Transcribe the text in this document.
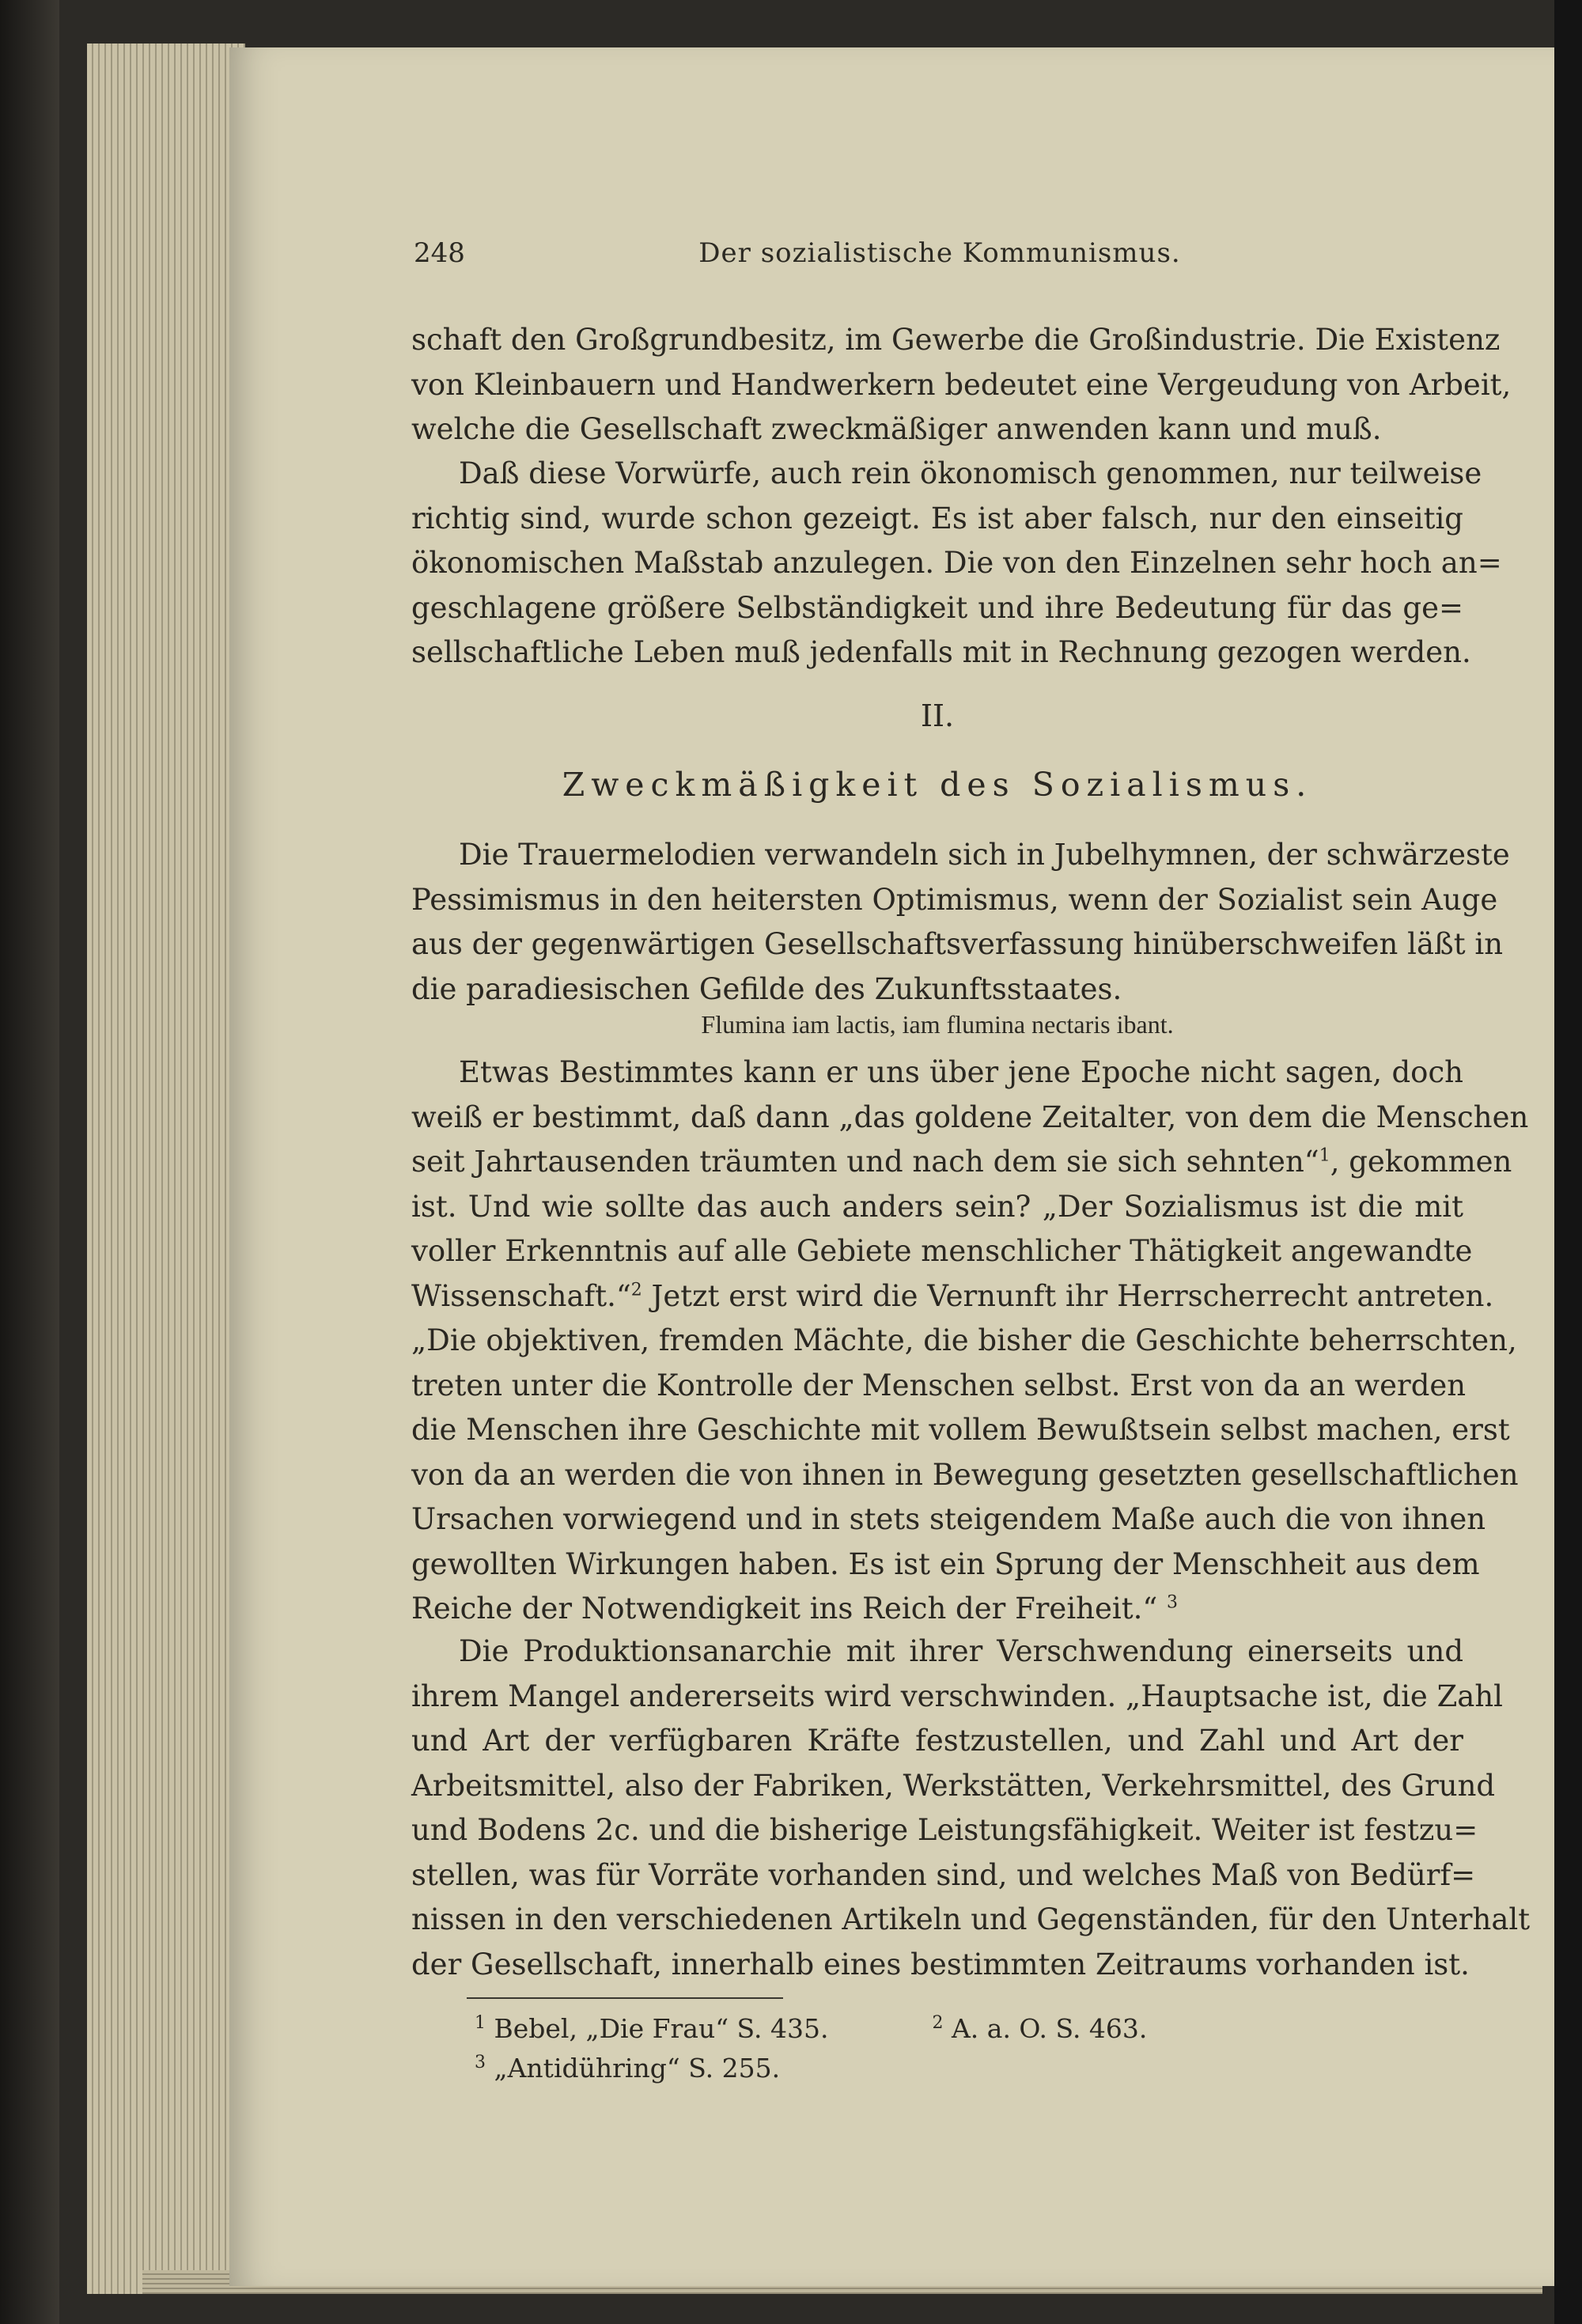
248	Der sozialistische Kommunismus.
schaft den Großgrundbesitz, im Gewerbe die Großindustrie. Die Existenz
von Kleinbauern und Handwerkern bedeutet eine Vergeudung von Arbeit,
welche die Gesellschaft zweckmäßiger anwenden kann und muß.
Daß diese Vorwürfe, auch rein ökonomisch genommen, nur teilweise
richtig sind, wurde schon gezeigt. Es ist aber falsch, nur den einseitig
ökonomischen Maßstab anzulegen. Die von den Einzelnen sehr hoch an=
geschlagene größere Selbständigkeit und ihre Bedeutung für das ge=
sellschaftliche Leben muß jedenfalls mit in Rechnung gezogen werden.
II.
Zweckmäßigkeit des Sozialismus.
Die Trauermelodien verwandeln sich in Jubelhymnen, der schwärzeste
Pessimismus in den heitersten Optimismus, wenn der Sozialist sein Auge
aus der gegenwärtigen Gesellschaftsverfassung hinüberschweifen läßt in
die paradiesischen Gefilde des Zukunftsstaates.
Flumina iam lactis, iam flumina nectaris ibant.
Etwas Bestimmtes kann er uns über jene Epoche nicht sagen, doch
weiß er bestimmt, daß dann „das goldene Zeitalter, von dem die Menschen
seit Jahrtausenden träumten und nach dem sie sich sehnten“$^1$, gekommen
ist. Und wie sollte das auch anders sein? „Der Sozialismus ist die mit
voller Erkenntnis auf alle Gebiete menschlicher Thätigkeit angewandte
Wissenschaft.“$^2$ Jetzt erst wird die Vernunft ihr Herrscherrecht antreten.
„Die objektiven, fremden Mächte, die bisher die Geschichte beherrschten,
treten unter die Kontrolle der Menschen selbst. Erst von da an werden
die Menschen ihre Geschichte mit vollem Bewußtsein selbst machen, erst
von da an werden die von ihnen in Bewegung gesetzten gesellschaftlichen
Ursachen vorwiegend und in stets steigendem Maße auch die von ihnen
gewollten Wirkungen haben. Es ist ein Sprung der Menschheit aus dem
Reiche der Notwendigkeit ins Reich der Freiheit.“ $^3$
Die Produktionsanarchie mit ihrer Verschwendung einerseits und
ihrem Mangel andererseits wird verschwinden. „Hauptsache ist, die Zahl
und Art der verfügbaren Kräfte festzustellen, und Zahl und Art der
Arbeitsmittel, also der Fabriken, Werkstätten, Verkehrsmittel, des Grund
und Bodens 2c. und die bisherige Leistungsfähigkeit. Weiter ist festzu=
stellen, was für Vorräte vorhanden sind, und welches Maß von Bedürf=
nissen in den verschiedenen Artikeln und Gegenständen, für den Unterhalt
der Gesellschaft, innerhalb eines bestimmten Zeitraums vorhanden ist.
$^1$ Bebel, „Die Frau“ S. 435.	$^2$ A. a. O. S. 463.
$^3$ „Antidühring“ S. 255.
